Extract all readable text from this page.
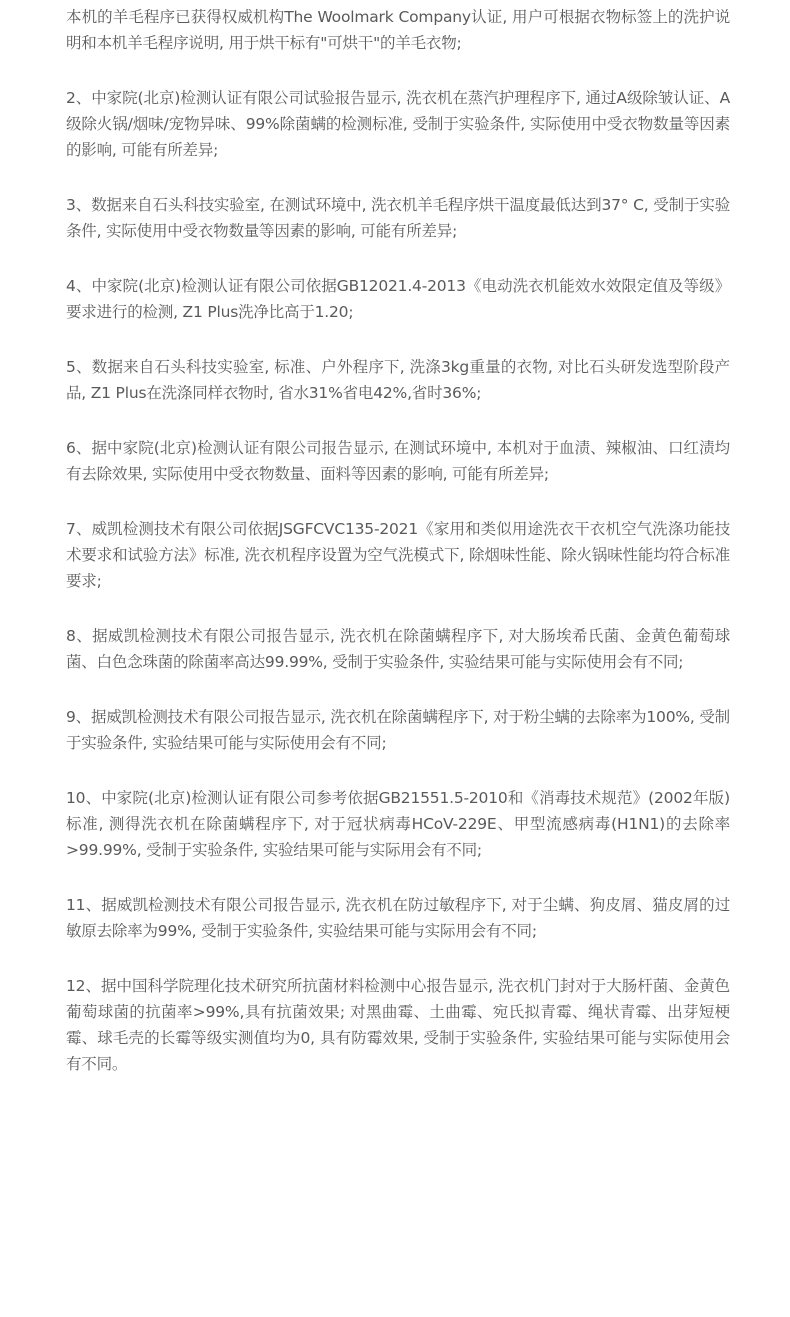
本机的羊毛程序已获得权威机构The Woolmark Company认证, 用户可根据衣物标签上的洗护说明和本机羊毛程序说明, 用于烘干标有"可烘干"的羊毛衣物;

2、中家院(北京)检测认证有限公司试验报告显示, 洗衣机在蒸汽护理程序下, 通过A级除皱认证、A级除火锅/烟味/宠物异味、99%除菌螨的检测标准, 受制于实验条件, 实际使用中受衣物数量等因素的影响, 可能有所差异;

3、数据来自石头科技实验室, 在测试环境中, 洗衣机羊毛程序烘干温度最低达到37° C, 受制于实验条件, 实际使用中受衣物数量等因素的影响, 可能有所差异;

4、中家院(北京)检测认证有限公司依据GB12021.4-2013《电动洗衣机能效水效限定值及等级》要求进行的检测, Z1 Plus洗净比高于1.20;

5、数据来自石头科技实验室, 标准、户外程序下, 洗涤3kg重量的衣物, 对比石头研发选型阶段产品, Z1 Plus在洗涤同样衣物时, 省水31%省电42%,省时36%;

6、据中家院(北京)检测认证有限公司报告显示, 在测试环境中, 本机对于血渍、辣椒油、口红渍均有去除效果, 实际使用中受衣物数量、面料等因素的影响, 可能有所差异;

7、威凯检测技术有限公司依据JSGFCVC135-2021《家用和类似用途洗衣干衣机空气洗涤功能技术要求和试验方法》标准, 洗衣机程序设置为空气洗模式下, 除烟味性能、除火锅味性能均符合标准要求;

8、据威凯检测技术有限公司报告显示, 洗衣机在除菌螨程序下, 对大肠埃希氏菌、金黄色葡萄球菌、白色念珠菌的除菌率高达99.99%, 受制于实验条件, 实验结果可能与实际使用会有不同;

9、据威凯检测技术有限公司报告显示, 洗衣机在除菌螨程序下, 对于粉尘螨的去除率为100%, 受制于实验条件, 实验结果可能与实际使用会有不同;

10、中家院(北京)检测认证有限公司参考依据GB21551.5-2010和《消毒技术规范》(2002年版)标准, 测得洗衣机在除菌螨程序下, 对于冠状病毒HCoV-229E、甲型流感病毒(H1N1)的去除率>99.99%, 受制于实验条件, 实验结果可能与实际用会有不同;

11、据威凯检测技术有限公司报告显示, 洗衣机在防过敏程序下, 对于尘螨、狗皮屑、猫皮屑的过敏原去除率为99%, 受制于实验条件, 实验结果可能与实际用会有不同;

12、据中国科学院理化技术研究所抗菌材料检测中心报告显示, 洗衣机门封对于大肠杆菌、金黄色葡萄球菌的抗菌率>99%,具有抗菌效果; 对黑曲霉、土曲霉、宛氏拟青霉、绳状青霉、出芽短梗霉、球毛壳的长霉等级实测值均为0, 具有防霉效果, 受制于实验条件, 实验结果可能与实际使用会有不同。
